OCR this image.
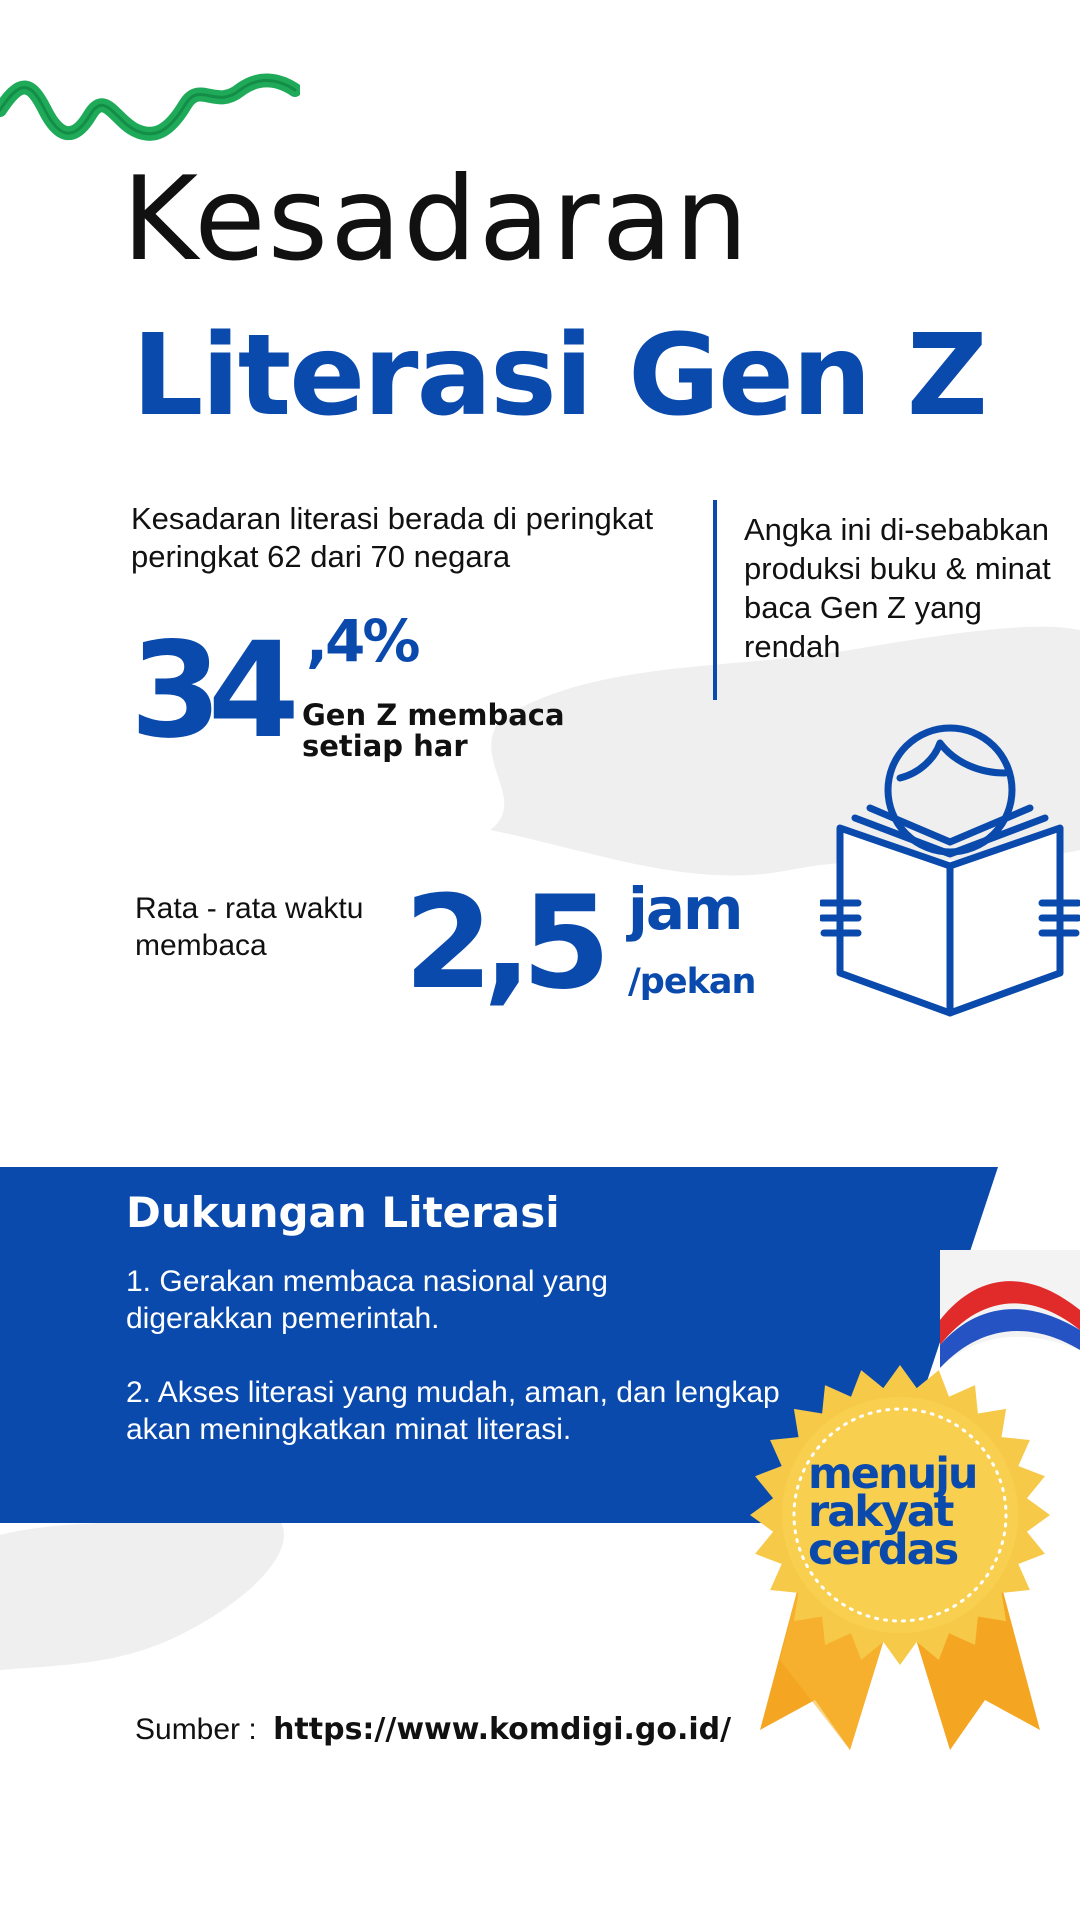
Kesadaran
Literasi Gen Z
Kesadaran literasi berada di peringkat peringkat 62 dari 70 negara
Angka ini di-sebabkan produksi buku & minat baca Gen Z yang rendah
34 ,4%
Gen Z membaca setiap har
Rata - rata waktu membaca	2,5 jam
/pekan
Dukungan Literasi
1. Gerakan membaca nasional yang digerakkan pemerintah.
2. Akses literasi yang mudah, aman, dan lengkap akan meningkatkan minat literasi.
menuju
rakyat
cerdas
Sumber : https://www.komdigi.go.id/
